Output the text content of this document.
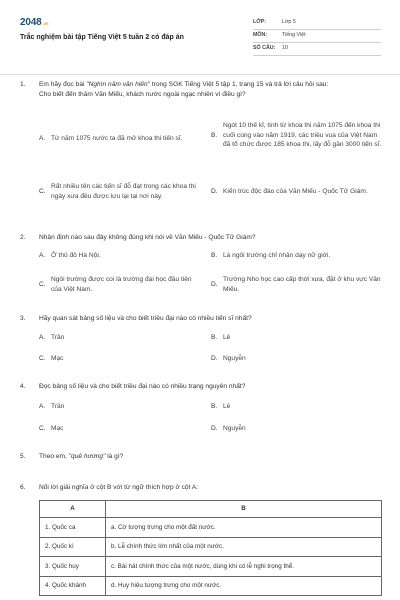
2048.vn
Trắc nghiệm bài tập Tiếng Việt 5 tuần 2 có đáp án
LỚP:	Lớp 5
MÔN:	Tiếng Việt
SỐ CÂU:	10
1. Em hãy đọc bài "Nghìn năm văn hiến" trong SGK Tiếng Việt 5 tập 1, trang 15 và trả lời câu hỏi sau:
Cho biết đến thăm Văn Miếu, khách nước ngoài ngạc nhiên vì điều gì?
A. Từ năm 1075 nước ta đã mở khoa thi tiến sĩ.	B.
Ngót 10 thế kỉ, tính từ khoa thi năm 1075 đến khoa thi cuối cùng vào năm 1919, các triều vua của Việt Nam đã tổ chức được 185 khoa thi, lấy đỗ gần 3000 tiến sĩ.
C.
Rất nhiều tên các tiến sĩ đỗ đạt trong các khoa thi ngày xưa đều được lưu lại tại nơi này.
D. Kiến trúc độc đáo của Văn Miếu - Quốc Tử Giám.
2. Nhận định nào sau đây không đúng khi nói về Văn Miếu - Quốc Tử Giám?
A. Ở thủ đô Hà Nội.	B. Là ngôi trường chỉ nhận dạy nữ giới.
C.
Ngôi trường được coi là trường đại học đầu tiên của Việt Nam.
D.
Trường Nho học cao cấp thời xưa, đặt ở khu vực Văn Miếu.
3. Hãy quan sát bảng số liệu và cho biết triều đại nào có nhiều tiến sĩ nhất?
A. Trần	B. Lê
C. Mạc	D. Nguyễn
4. Đọc bảng số liệu và cho biết triều đại nào có nhiều trạng nguyên nhất?
A. Trần	B. Lê
C. Mạc	D. Nguyễn
5. Theo em, "quê hương" là gì?
6. Nối lời giải nghĩa ở cột B với từ ngữ thích hợp ở cột A:
A	B
1. Quốc ca	a. Cờ tượng trưng cho một đất nước.
2. Quốc kì	b. Lễ chính thức lớn nhất của một nước.
3. Quốc huy	c. Bài hát chính thức của một nước, dùng khi có lễ nghi trọng thể.
4. Quốc khánh	d. Huy hiệu tượng trưng cho một nước.
